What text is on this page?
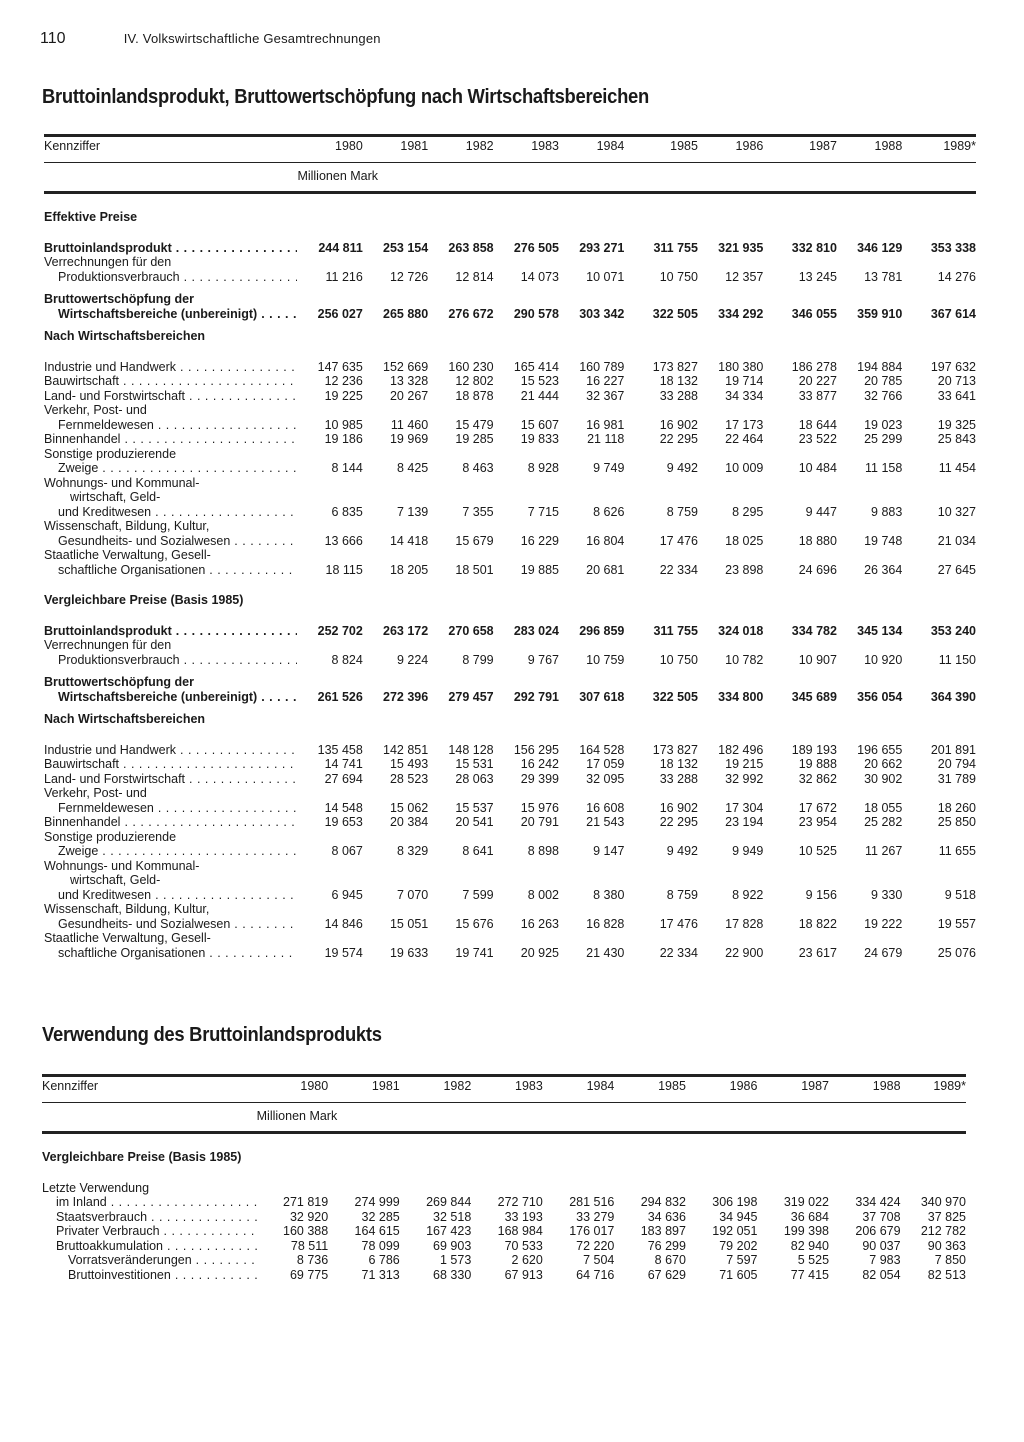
110	IV. Volkswirtschaftliche Gesamtrechnungen
Bruttoinlandsprodukt, Bruttowertschöpfung nach Wirtschaftsbereichen
Kennziffer	1980	1981	1982	1983	1984	1985	1986	1987	1988	1989*
	Millionen Mark									

Effektive Preise										

Bruttoinlandsprodukt . . .	244 811	253 154	263 858	276 505	293 271	311 755	321 935	332 810	346 129	353 338

Verrechnungen für den
Produktionsverbrauch . . .	11 216	12 726	12 814	14 073	10 071	10 750	12 357	13 245	13 781	14 276

Bruttowertschöpfung der
Wirtschaftsbereiche (unbereinigt) . . .	256 027	265 880	276 672	290 578	303 342	322 505	334 292	346 055	359 910	367 614

Nach Wirtschaftsbereichen										

Industrie und Handwerk . . .	147 635	152 669	160 230	165 414	160 789	173 827	180 380	186 278	194 884	197 632

Bauwirtschaft . . .	12 236	13 328	12 802	15 523	16 227	18 132	19 714	20 227	20 785	20 713

Land- und Forstwirtschaft . . .	19 225	20 267	18 878	21 444	32 367	33 288	34 334	33 877	32 766	33 641

Verkehr, Post- und
Fernmeldewesen . . .	10 985	11 460	15 479	15 607	16 981	16 902	17 173	18 644	19 023	19 325

Binnenhandel . . .	19 186	19 969	19 285	19 833	21 118	22 295	22 464	23 522	25 299	25 843

Sonstige produzierende
Zweige . . .	8 144	8 425	8 463	8 928	9 749	9 492	10 009	10 484	11 158	11 454

Wohnungs- und Kommunal-
wirtschaft, Geld-
und Kreditwesen . . .	6 835	7 139	7 355	7 715	8 626	8 759	8 295	9 447	9 883	10 327

Wissenschaft, Bildung, Kultur,
Gesundheits- und Sozialwesen . . .	13 666	14 418	15 679	16 229	16 804	17 476	18 025	18 880	19 748	21 034

Staatliche Verwaltung, Gesell-
schaftliche Organisationen . . .	18 115	18 205	18 501	19 885	20 681	22 334	23 898	24 696	26 364	27 645

Vergleichbare Preise (Basis 1985)										

Bruttoinlandsprodukt . . .	252 702	263 172	270 658	283 024	296 859	311 755	324 018	334 782	345 134	353 240

Verrechnungen für den
Produktionsverbrauch . . .	8 824	9 224	8 799	9 767	10 759	10 750	10 782	10 907	10 920	11 150

Bruttowertschöpfung der
Wirtschaftsbereiche (unbereinigt) . . .	261 526	272 396	279 457	292 791	307 618	322 505	334 800	345 689	356 054	364 390

Nach Wirtschaftsbereichen										

Industrie und Handwerk . . .	135 458	142 851	148 128	156 295	164 528	173 827	182 496	189 193	196 655	201 891

Bauwirtschaft . . .	14 741	15 493	15 531	16 242	17 059	18 132	19 215	19 888	20 662	20 794

Land- und Forstwirtschaft . . .	27 694	28 523	28 063	29 399	32 095	33 288	32 992	32 862	30 902	31 789

Verkehr, Post- und
Fernmeldewesen . . .	14 548	15 062	15 537	15 976	16 608	16 902	17 304	17 672	18 055	18 260

Binnenhandel . . .	19 653	20 384	20 541	20 791	21 543	22 295	23 194	23 954	25 282	25 850

Sonstige produzierende
Zweige . . .	8 067	8 329	8 641	8 898	9 147	9 492	9 949	10 525	11 267	11 655

Wohnungs- und Kommunal-
wirtschaft, Geld-
und Kreditwesen . . .	6 945	7 070	7 599	8 002	8 380	8 759	8 922	9 156	9 330	9 518

Wissenschaft, Bildung, Kultur,
Gesundheits- und Sozialwesen . . .	14 846	15 051	15 676	16 263	16 828	17 476	17 828	18 822	19 222	19 557

Staatliche Verwaltung, Gesell-
schaftliche Organisationen . . .	19 574	19 633	19 741	20 925	21 430	22 334	22 900	23 617	24 679	25 076
Verwendung des Bruttoinlandsprodukts
Kennziffer	1980	1981	1982	1983	1984	1985	1986	1987	1988	1989*
	Millionen Mark									

Vergleichbare Preise (Basis 1985)										

Letzte Verwendung
im Inland . . .	271 819	274 999	269 844	272 710	281 516	294 832	306 198	319 022	334 424	340 970

Staatsverbrauch . . .	32 920	32 285	32 518	33 193	33 279	34 636	34 945	36 684	37 708	37 825

Privater Verbrauch . . .	160 388	164 615	167 423	168 984	176 017	183 897	192 051	199 398	206 679	212 782

Bruttoakkumulation . . .	78 511	78 099	69 903	70 533	72 220	76 299	79 202	82 940	90 037	90 363

Vorratsveränderungen . . .	8 736	6 786	1 573	2 620	7 504	8 670	7 597	5 525	7 983	7 850

Bruttoinvestitionen . . .	69 775	71 313	68 330	67 913	64 716	67 629	71 605	77 415	82 054	82 513
